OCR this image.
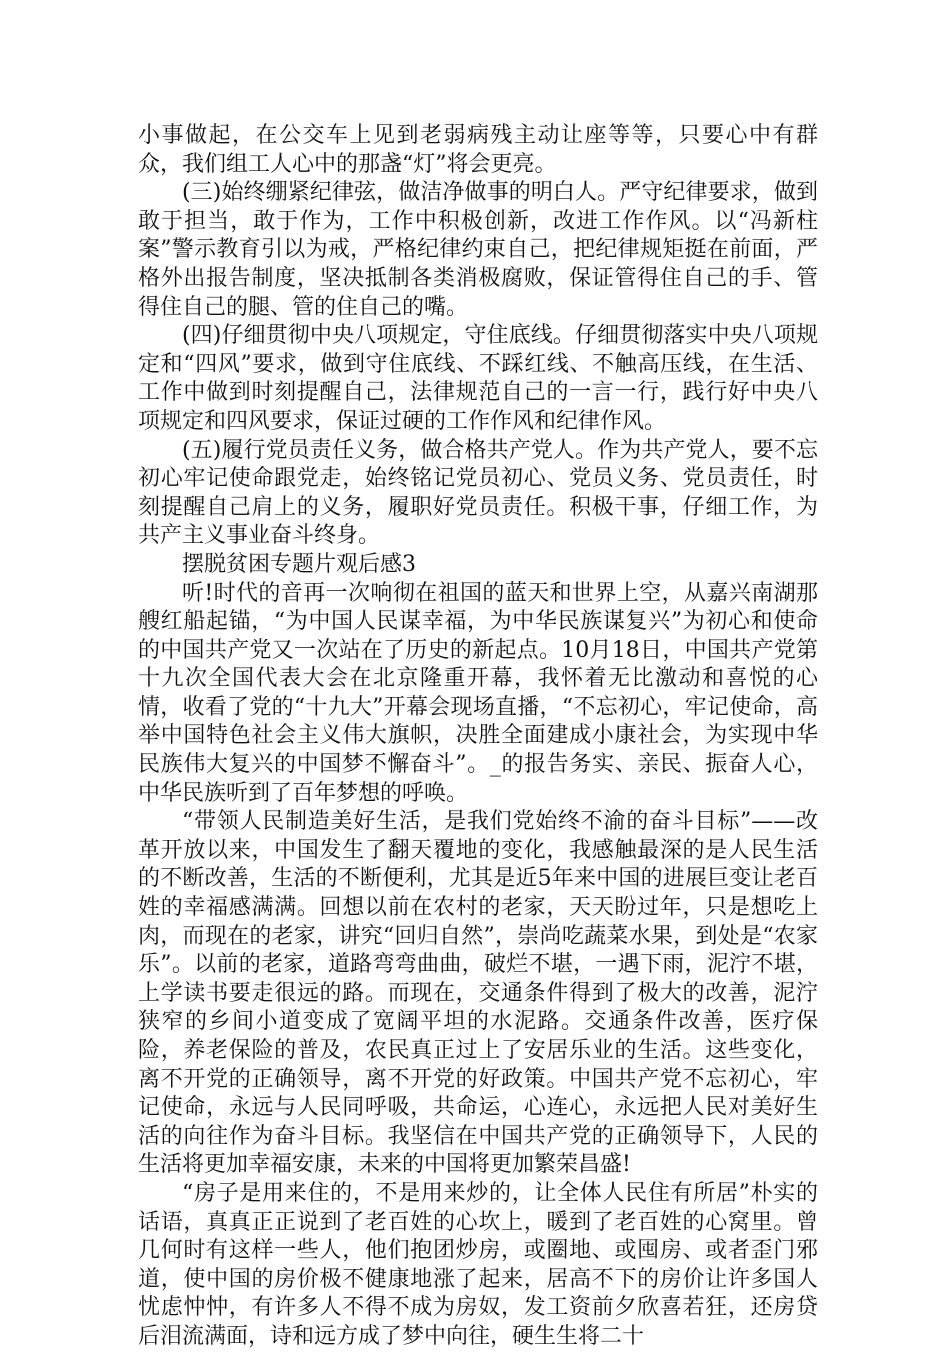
小事做起，在公交车上见到老弱病残主动让座等等，只要心中有群众，我们组工人心中的那盏“灯”将会更亮。

(三)始终绷紧纪律弦，做洁净做事的明白人。严守纪律要求，做到敢于担当，敢于作为，工作中积极创新，改进工作作风。以“冯新柱案”警示教育引以为戒，严格纪律约束自己，把纪律规矩挺在前面，严格外出报告制度，坚决抵制各类消极腐败，保证管得住自己的手、管得住自己的腿、管的住自己的嘴。

(四)仔细贯彻中央八项规定，守住底线。仔细贯彻落实中央八项规定和“四风”要求，做到守住底线、不踩红线、不触高压线，在生活、工作中做到时刻提醒自己，法律规范自己的一言一行，践行好中央八项规定和四风要求，保证过硬的工作作风和纪律作风。

(五)履行党员责任义务，做合格共产党人。作为共产党人，要不忘初心牢记使命跟党走，始终铭记党员初心、党员义务、党员责任，时刻提醒自己肩上的义务，履职好党员责任。积极干事，仔细工作，为共产主义事业奋斗终身。

摆脱贫困专题片观后感3

听!时代的音再一次响彻在祖国的蓝天和世界上空，从嘉兴南湖那艘红船起锚，“为中国人民谋幸福，为中华民族谋复兴”为初心和使命的中国共产党又一次站在了历史的新起点。10月18日，中国共产党第十九次全国代表大会在北京隆重开幕，我怀着无比激动和喜悦的心情，收看了党的“十九大”开幕会现场直播，“不忘初心，牢记使命，高举中国特色社会主义伟大旗帜，决胜全面建成小康社会，为实现中华民族伟大复兴的中国梦不懈奋斗”。_的报告务实、亲民、振奋人心，中华民族听到了百年梦想的呼唤。

“带领人民制造美好生活，是我们党始终不渝的奋斗目标”——改革开放以来，中国发生了翻天覆地的变化，我感触最深的是人民生活的不断改善，生活的不断便利，尤其是近5年来中国的进展巨变让老百姓的幸福感满满。回想以前在农村的老家，天天盼过年，只是想吃上肉，而现在的老家，讲究“回归自然”，崇尚吃蔬菜水果，到处是“农家乐”。以前的老家，道路弯弯曲曲，破烂不堪，一遇下雨，泥泞不堪，上学读书要走很远的路。而现在，交通条件得到了极大的改善，泥泞狭窄的乡间小道变成了宽阔平坦的水泥路。交通条件改善，医疗保险，养老保险的普及，农民真正过上了安居乐业的生活。这些变化，离不开党的正确领导，离不开党的好政策。中国共产党不忘初心，牢记使命，永远与人民同呼吸，共命运，心连心，永远把人民对美好生活的向往作为奋斗目标。我坚信在中国共产党的正确领导下，人民的生活将更加幸福安康，未来的中国将更加繁荣昌盛!

“房子是用来住的，不是用来炒的，让全体人民住有所居”朴实的话语，真真正正说到了老百姓的心坎上，暖到了老百姓的心窝里。曾几何时有这样一些人，他们抱团炒房，或圈地、或囤房、或者歪门邪道，使中国的房价极不健康地涨了起来，居高不下的房价让许多国人忧虑忡忡，有许多人不得不成为房奴，发工资前夕欣喜若狂，还房贷后泪流满面，诗和远方成了梦中向往，硬生生将二十
